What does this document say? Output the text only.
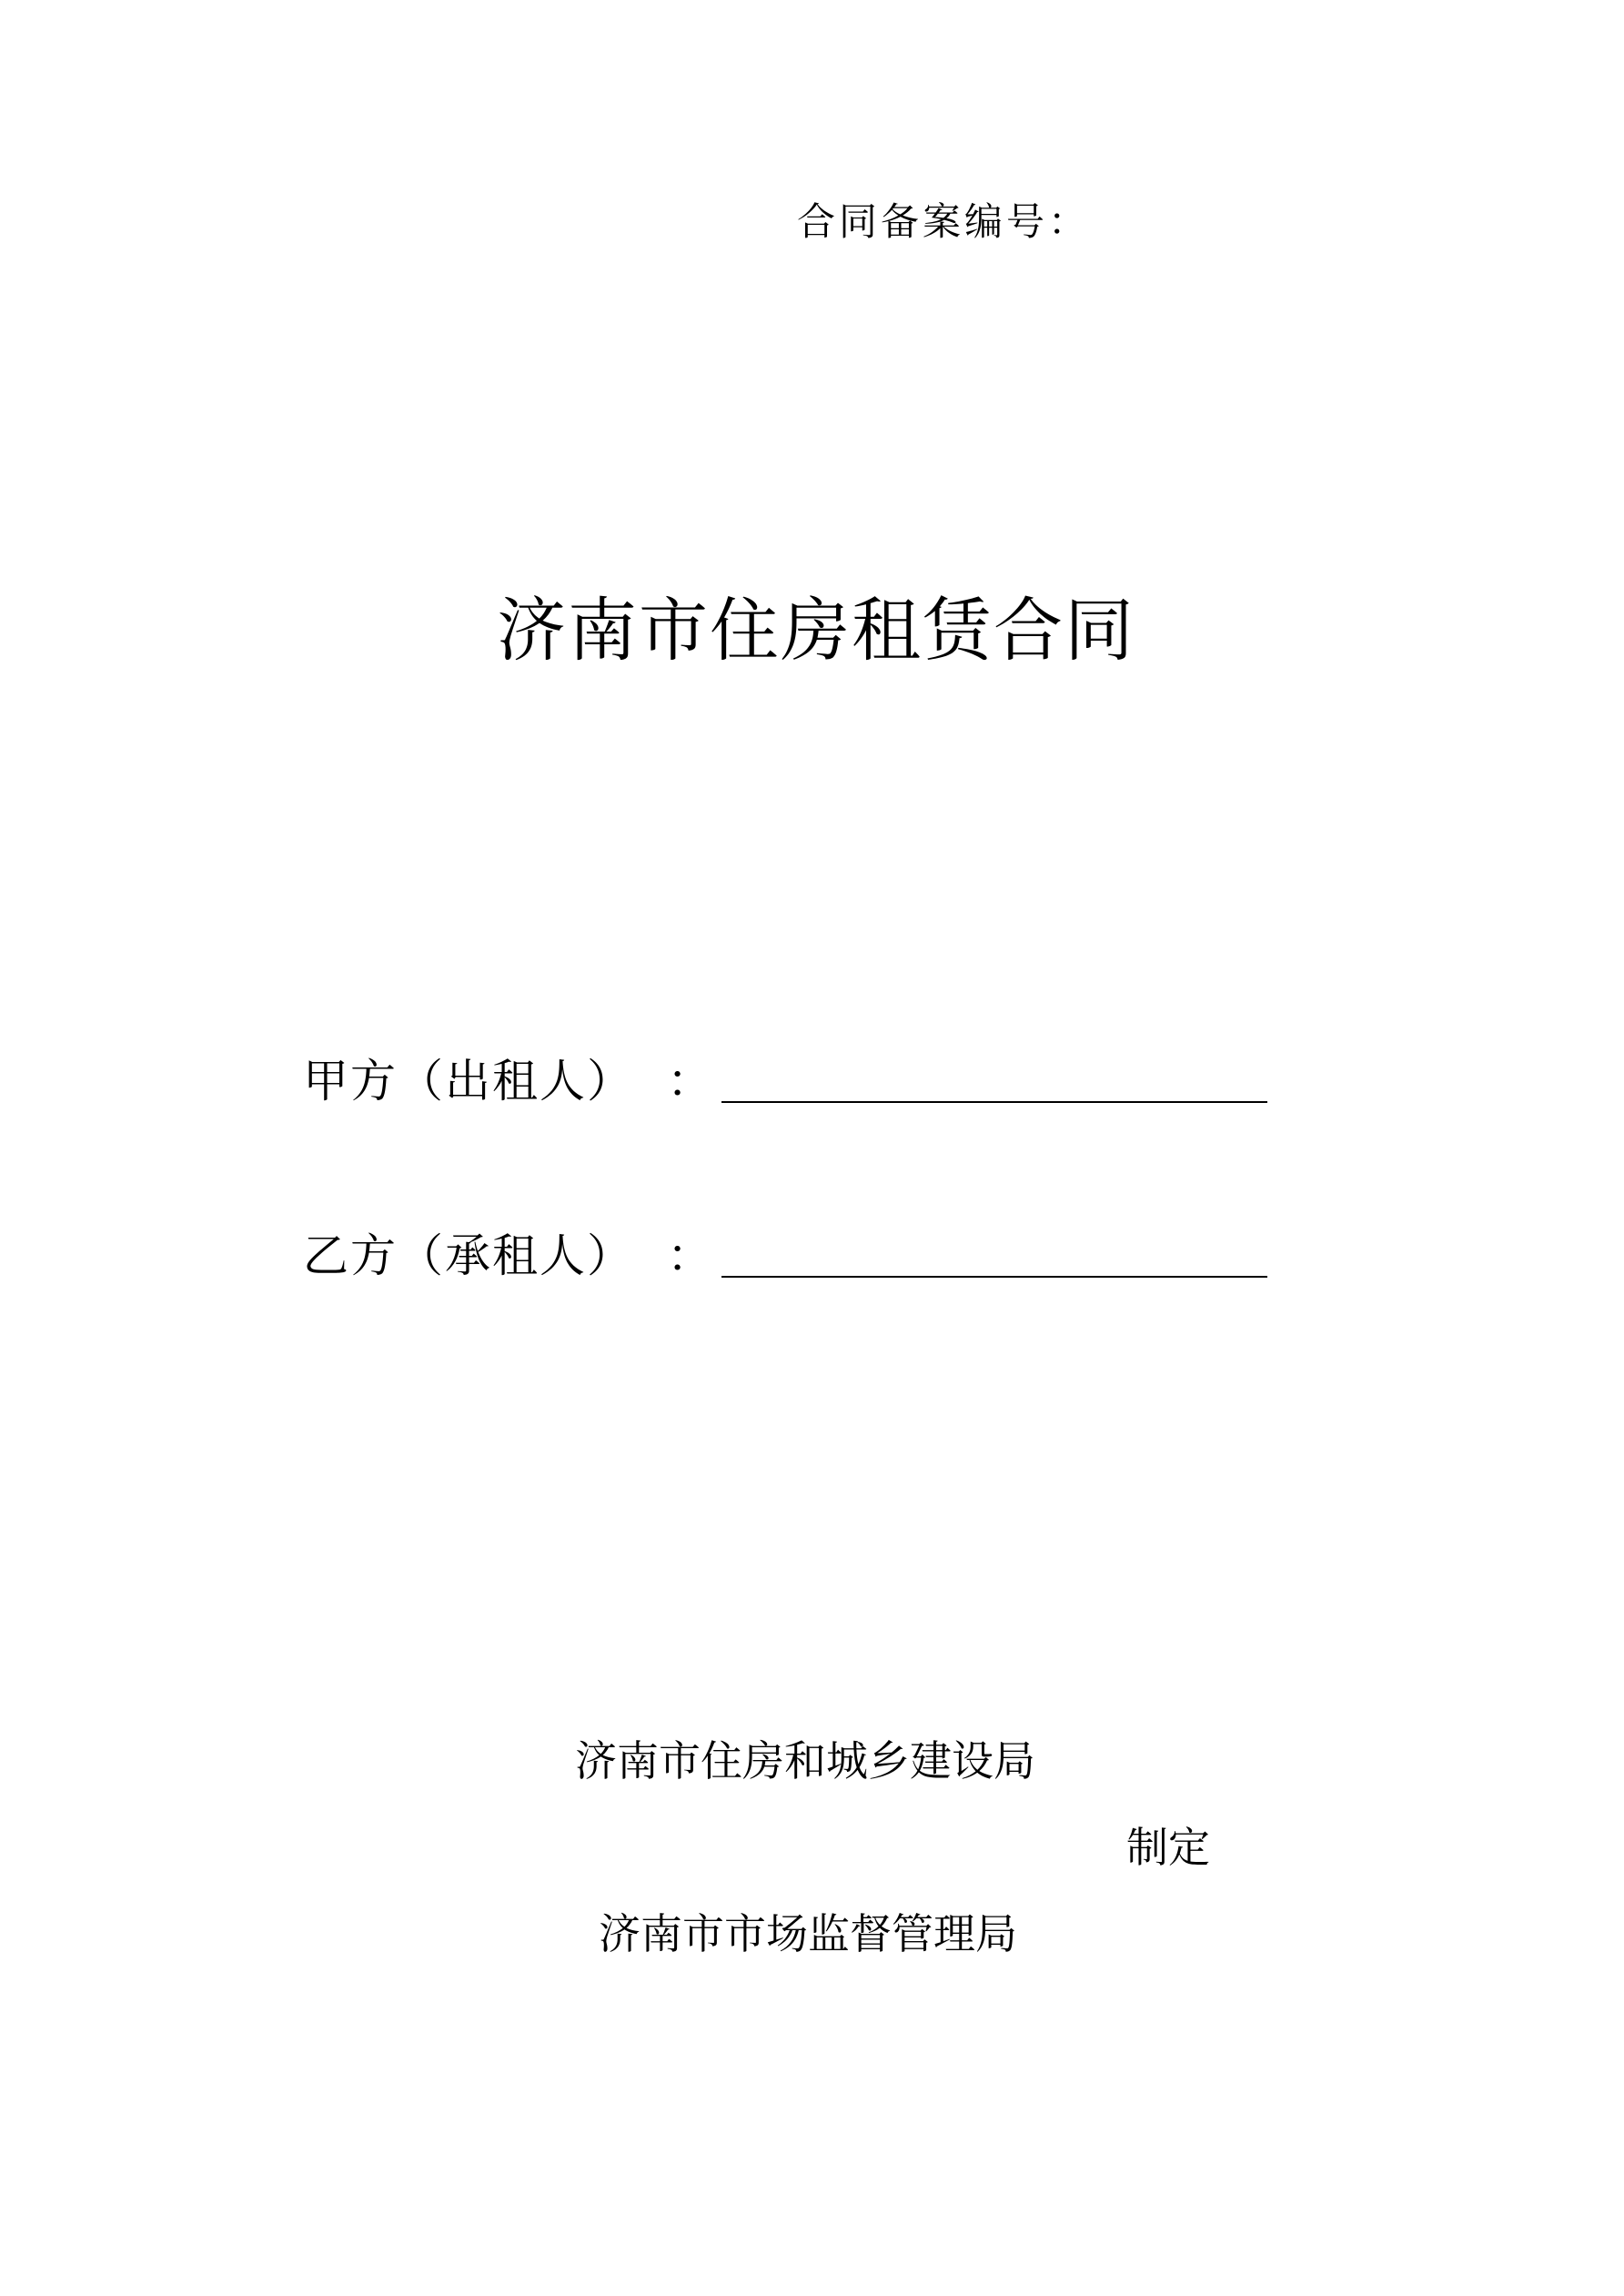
合同备案编号：
济南市住房租赁合同
甲方（出租人） ：
乙方（承租人） ：
济南市住房和城乡建设局
制定
济南市市场监督管理局
